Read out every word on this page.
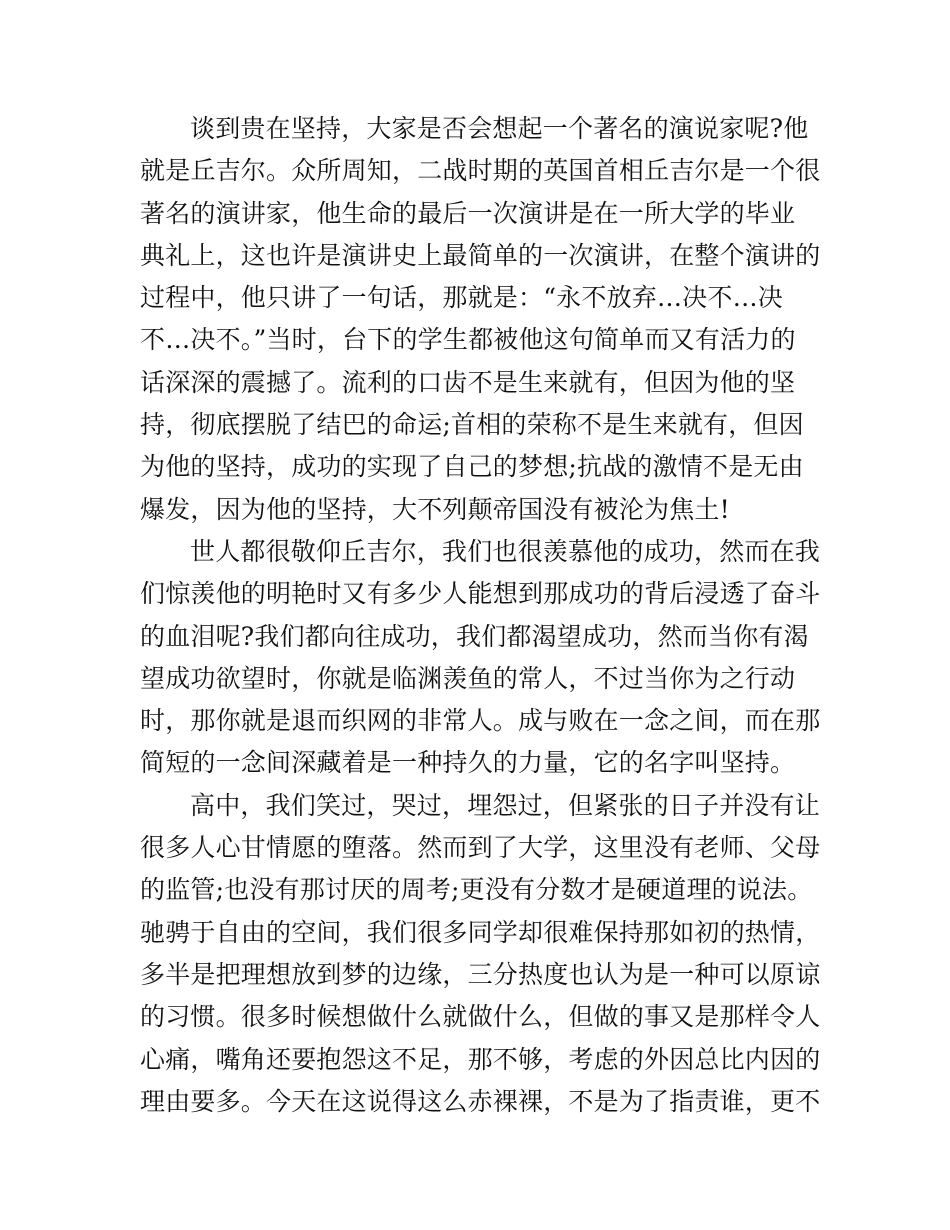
谈到贵在坚持，大家是否会想起一个著名的演说家呢?他
就是丘吉尔。众所周知，二战时期的英国首相丘吉尔是一个很
著名的演讲家，他生命的最后一次演讲是在一所大学的毕业
典礼上，这也许是演讲史上最简单的一次演讲，在整个演讲的
过程中，他只讲了一句话，那就是：“永不放弃…决不…决
不…决不。”当时，台下的学生都被他这句简单而又有活力的
话深深的震撼了。流利的口齿不是生来就有，但因为他的坚
持，彻底摆脱了结巴的命运;首相的荣称不是生来就有，但因
为他的坚持，成功的实现了自己的梦想;抗战的激情不是无由
爆发，因为他的坚持，大不列颠帝国没有被沦为焦土!
世人都很敬仰丘吉尔，我们也很羡慕他的成功，然而在我
们惊羡他的明艳时又有多少人能想到那成功的背后浸透了奋斗
的血泪呢?我们都向往成功，我们都渴望成功，然而当你有渴
望成功欲望时，你就是临渊羡鱼的常人，不过当你为之行动
时，那你就是退而织网的非常人。成与败在一念之间，而在那
简短的一念间深藏着是一种持久的力量，它的名字叫坚持。
高中，我们笑过，哭过，埋怨过，但紧张的日子并没有让
很多人心甘情愿的堕落。然而到了大学，这里没有老师、父母
的监管;也没有那讨厌的周考;更没有分数才是硬道理的说法。
驰骋于自由的空间，我们很多同学却很难保持那如初的热情，
多半是把理想放到梦的边缘，三分热度也认为是一种可以原谅
的习惯。很多时候想做什么就做什么，但做的事又是那样令人
心痛，嘴角还要抱怨这不足，那不够，考虑的外因总比内因的
理由要多。今天在这说得这么赤裸裸，不是为了指责谁，更不
